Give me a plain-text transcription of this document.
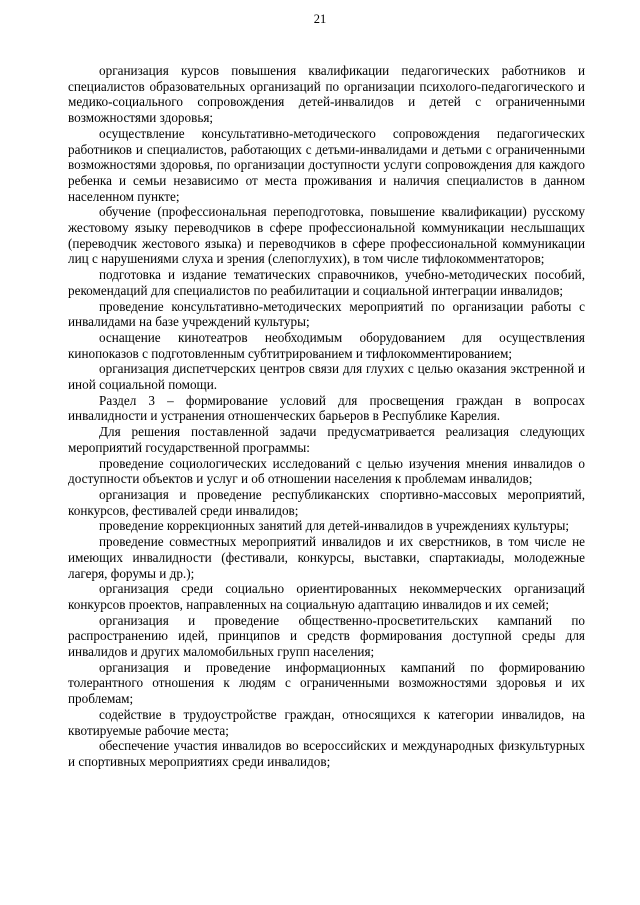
21

организация курсов повышения квалификации педагогических работников и специалистов образовательных организаций по организации психолого-педагогического и медико-социального сопровождения детей-инвалидов и детей с ограниченными возможностями здоровья;

осуществление консультативно-методического сопровождения педагогических работников и специалистов, работающих с детьми-инвалидами и детьми с ограниченными возможностями здоровья, по организации доступности услуги сопровождения для каждого ребенка и семьи независимо от места проживания и наличия специалистов в данном населенном пункте;

обучение (профессиональная переподготовка, повышение квалификации) русскому жестовому языку переводчиков в сфере профессиональной коммуникации неслышащих (переводчик жестового языка) и переводчиков в сфере профессиональной коммуникации лиц с нарушениями слуха и зрения (слепоглухих), в том числе тифлокомментаторов;

подготовка и издание тематических справочников, учебно-методических пособий, рекомендаций для специалистов по реабилитации и социальной интеграции инвалидов;

проведение консультативно-методических мероприятий по организации работы с инвалидами на базе учреждений культуры;

оснащение кинотеатров необходимым оборудованием для осуществления кинопоказов с подготовленным субтитрированием и тифлокомментированием;

организация диспетчерских центров связи для глухих с целью оказания экстренной и иной социальной помощи.

Раздел 3 – формирование условий для просвещения граждан в вопросах инвалидности и устранения отношенческих барьеров в Республике Карелия.

Для решения поставленной задачи предусматривается реализация следующих мероприятий государственной программы:

проведение социологических исследований с целью изучения мнения инвалидов о доступности объектов и услуг и об отношении населения к проблемам инвалидов;

организация и проведение республиканских спортивно-массовых мероприятий, конкурсов, фестивалей среди инвалидов;

проведение коррекционных занятий для детей-инвалидов в учреждениях культуры;

проведение совместных мероприятий инвалидов и их сверстников, в том числе не имеющих инвалидности (фестивали, конкурсы, выставки, спартакиады, молодежные лагеря, форумы и др.);

организация среди социально ориентированных некоммерческих организаций конкурсов проектов, направленных на социальную адаптацию инвалидов и их семей;

организация и проведение общественно-просветительских кампаний по распространению идей, принципов и средств формирования доступной среды для инвалидов и других маломобильных групп населения;

организация и проведение информационных кампаний по формированию толерантного отношения к людям с ограниченными возможностями здоровья и их проблемам;

содействие в трудоустройстве граждан, относящихся к категории инвалидов, на квотируемые рабочие места;

обеспечение участия инвалидов во всероссийских и международных физкультурных и спортивных мероприятиях среди инвалидов;
